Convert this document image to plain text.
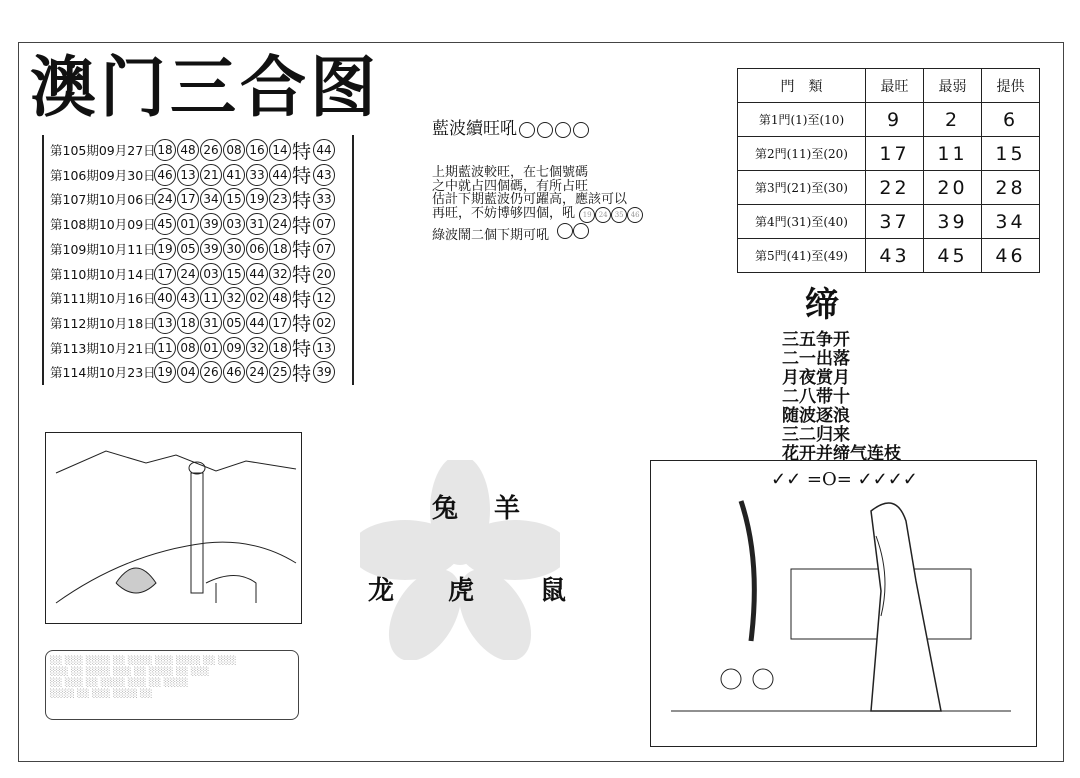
澳门三合图
第105期09月27日 18 48 26 08 16 14 特 44
第106期09月30日 46 13 21 41 33 44 特 43
第107期10月06日 24 17 34 15 19 23 特 33
第108期10月09日 45 01 39 03 31 24 特 07
第109期10月11日 19 05 39 30 06 18 特 07
第110期10月14日 17 24 03 15 44 32 特 20
第111期10月16日 40 43 11 32 02 48 特 12
第112期10月18日 13 18 31 05 44 17 特 02
第113期10月21日 11 08 01 09 32 18 特 13
第114期10月23日 19 04 26 46 24 25 特 39
藍波續旺吼
上期藍波較旺，在七個號碼
之中就占四個碼，有所占旺
估計下期藍波仍可躍高，應該可以
再旺，不妨博够四個，吼 19 24 35 46
綠波鬧二個下期可吼
門　類	最旺	最弱	提供
第1門(1)至(10)	9	2	6
第2門(11)至(20)	17	11	15
第3門(21)至(30)	22	20	28
第4門(31)至(40)	37	39	34
第5門(41)至(49)	43	45	46
缔
三五争开
二一出落
月夜赏月
二八带十
随波逐浪
三二归来
花开并缔气连枝
░░ ░░░ ░░░░ ░░ ░░░░ ░░░ ░░░░ ░░ ░░░
░░░ ░░ ░░░░ ░░░ ░░ ░░░░ ░░ ░░░
░░ ░░░ ░░ ░░░░ ░░░ ░░ ░░░░
░░░░ ░░ ░░░ ░░░░ ░░
兔 羊
龙 虎	鼠
✓✓ =O= ✓✓✓✓
